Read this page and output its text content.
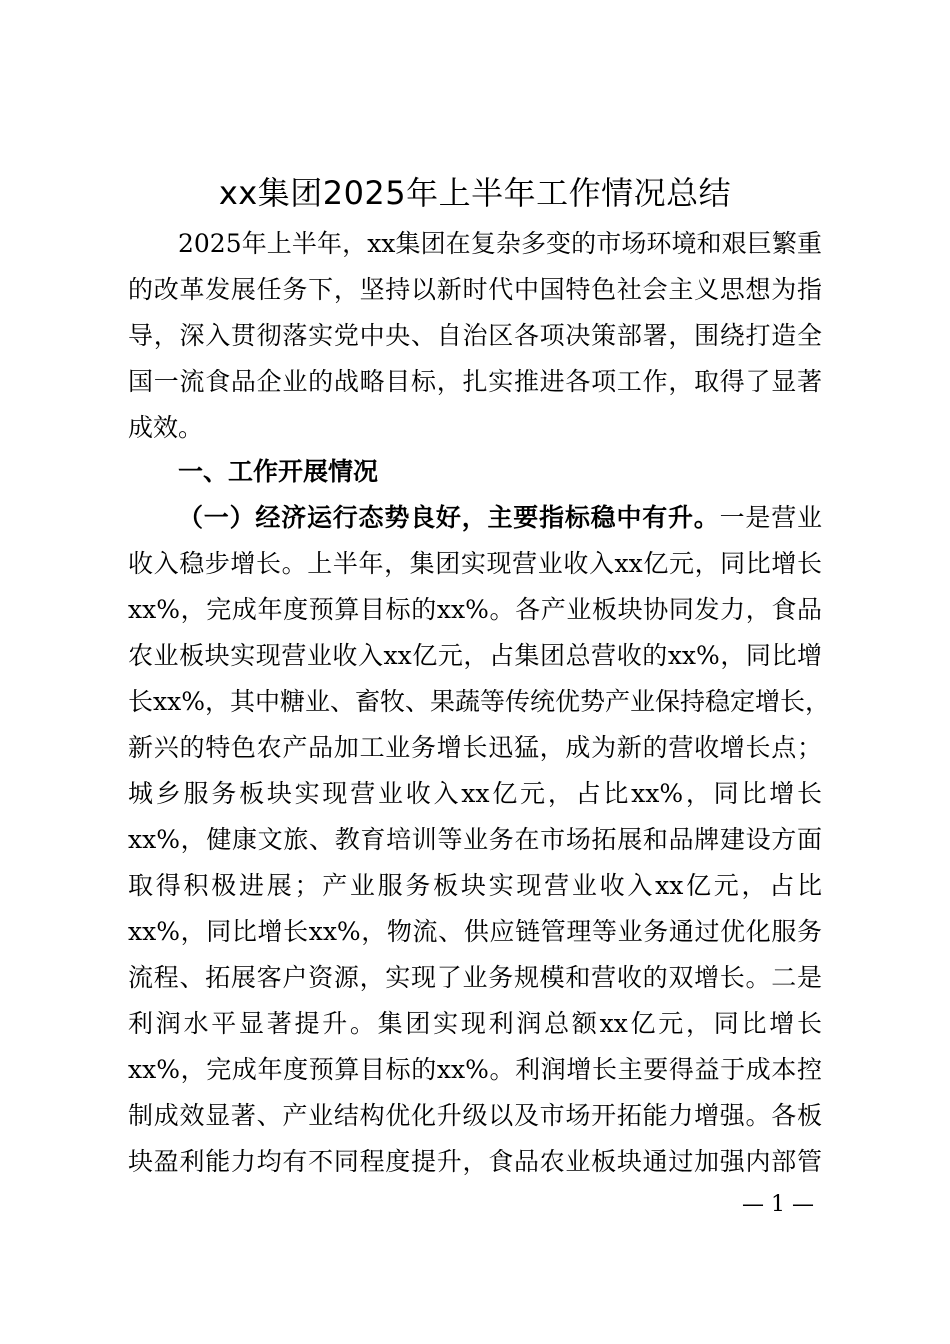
xx集团2025年上半年工作情况总结

2025年上半年，xx集团在复杂多变的市场环境和艰巨繁重

的改革发展任务下，坚持以新时代中国特色社会主义思想为指

导，深入贯彻落实党中央、自治区各项决策部署，围绕打造全

国一流食品企业的战略目标，扎实推进各项工作，取得了显著

成效。

一、工作开展情况

（一）经济运行态势良好，主要指标稳中有升。一是营业

收入稳步增长。上半年，集团实现营业收入xx亿元，同比增长

xx%，完成年度预算目标的xx%。各产业板块协同发力，食品

农业板块实现营业收入xx亿元，占集团总营收的xx%，同比增

长xx%，其中糖业、畜牧、果蔬等传统优势产业保持稳定增长，

新兴的特色农产品加工业务增长迅猛，成为新的营收增长点；

城乡服务板块实现营业收入xx亿元，占比xx%，同比增长

xx%，健康文旅、教育培训等业务在市场拓展和品牌建设方面

取得积极进展；产业服务板块实现营业收入xx亿元，占比

xx%，同比增长xx%，物流、供应链管理等业务通过优化服务

流程、拓展客户资源，实现了业务规模和营收的双增长。二是

利润水平显著提升。集团实现利润总额xx亿元，同比增长

xx%，完成年度预算目标的xx%。利润增长主要得益于成本控

制成效显著、产业结构优化升级以及市场开拓能力增强。各板

块盈利能力均有不同程度提升，食品农业板块通过加强内部管

— 1 —
